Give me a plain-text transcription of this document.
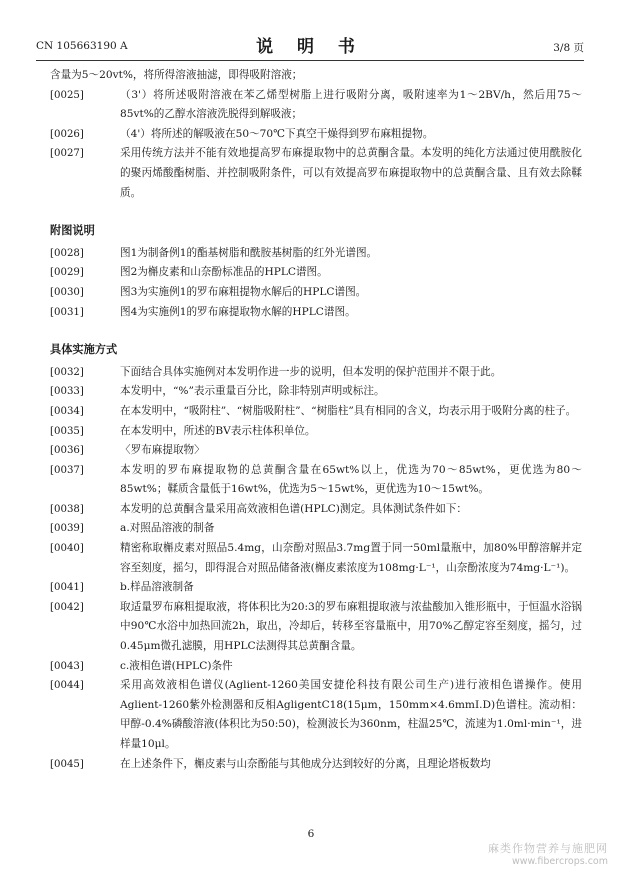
CN 105663190 A	说 明 书	3/8 页
含量为5～20vt%，将所得溶液抽滤，即得吸附溶液；
[0025]	（3'）将所述吸附溶液在苯乙烯型树脂上进行吸附分离，吸附速率为1～2BV/h，然后用75～85vt%的乙醇水溶液洗脱得到解吸液；
[0026]	（4'）将所述的解吸液在50～70℃下真空干燥得到罗布麻粗提物。
[0027]	采用传统方法并不能有效地提高罗布麻提取物中的总黄酮含量。本发明的纯化方法通过使用酰胺化的聚丙烯酸酯树脂、并控制吸附条件，可以有效提高罗布麻提取物中的总黄酮含量、且有效去除鞣质。
附图说明
[0028]	图1为制备例1的酯基树脂和酰胺基树脂的红外光谱图。
[0029]	图2为槲皮素和山奈酚标准品的HPLC谱图。
[0030]	图3为实施例1的罗布麻粗提物水解后的HPLC谱图。
[0031]	图4为实施例1的罗布麻提取物水解的HPLC谱图。
具体实施方式
[0032]	下面结合具体实施例对本发明作进一步的说明，但本发明的保护范围并不限于此。
[0033]	本发明中，“%”表示重量百分比，除非特别声明或标注。
[0034]	在本发明中，“吸附柱”、“树脂吸附柱”、“树脂柱”具有相同的含义，均表示用于吸附分离的柱子。
[0035]	在本发明中，所述的BV表示柱体积单位。
[0036]	〈罗布麻提取物〉
[0037]	本发明的罗布麻提取物的总黄酮含量在65wt%以上，优选为70～85wt%，更优选为80～85wt%；鞣质含量低于16wt%，优选为5～15wt%，更优选为10～15wt%。
[0038]	本发明的总黄酮含量采用高效液相色谱(HPLC)测定。具体测试条件如下：
[0039]	a.对照品溶液的制备
[0040]	精密称取槲皮素对照品5.4mg，山奈酚对照品3.7mg置于同一50ml量瓶中，加80%甲醇溶解并定容至刻度，摇匀，即得混合对照品储备液(槲皮素浓度为108mg·L⁻¹，山奈酚浓度为74mg·L⁻¹)。
[0041]	b.样品溶液制备
[0042]	取适量罗布麻粗提取液，将体积比为20:3的罗布麻粗提取液与浓盐酸加入锥形瓶中，于恒温水浴锅中90℃水浴中加热回流2h，取出，冷却后，转移至容量瓶中，用70%乙醇定容至刻度，摇匀，过0.45μm微孔滤膜，用HPLC法测得其总黄酮含量。
[0043]	c.液相色谱(HPLC)条件
[0044]	采用高效液相色谱仪(Aglient-1260美国安捷伦科技有限公司生产)进行液相色谱操作。使用Aglient-1260紫外检测器和反相AgligentC18(15μm，150mm×4.6mmI.D)色谱柱。流动相：甲醇-0.4%磷酸溶液(体积比为50:50)，检测波长为360nm，柱温25℃，流速为1.0ml·min⁻¹，进样量10μl。
[0045]	在上述条件下，槲皮素与山奈酚能与其他成分达到较好的分离，且理论塔板数均
6
麻类作物营养与施肥网
www.fibercrops.com
